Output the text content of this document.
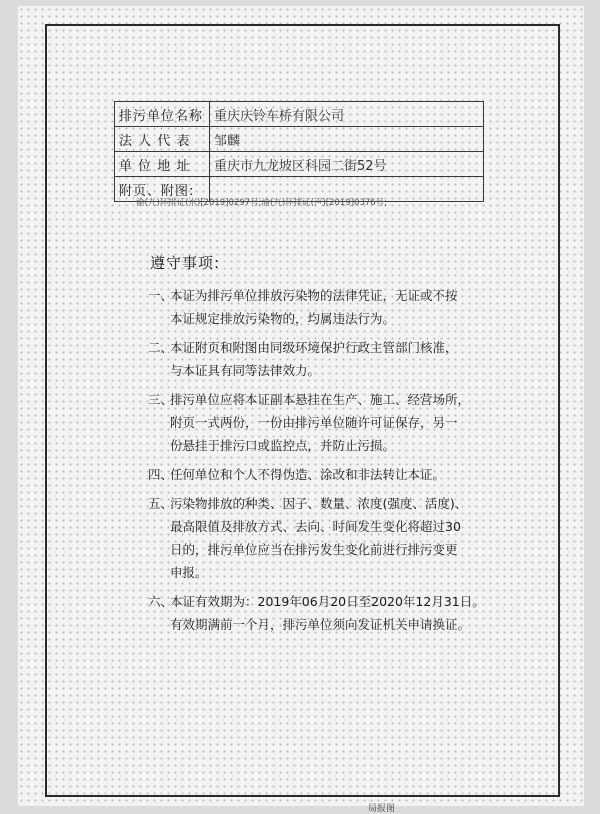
排污单位名称	重庆庆铃车桥有限公司
法 人 代 表	邹麟
单 位 地 址	重庆市九龙坡区科园二街52号
附页、附图:	
渝(九)环排证(水)[2019]0297号;渝(九)环排证(声)[2019]0376号;
遵守事项:
一、
本证为排污单位排放污染物的法律凭证，无证或不按
本证规定排放污染物的，均属违法行为。
二、
本证附页和附图由同级环境保护行政主管部门核准，
与本证具有同等法律效力。
三、
排污单位应将本证副本悬挂在生产、施工、经营场所，
附页一式两份，一份由排污单位随许可证保存，另一
份悬挂于排污口或监控点，并防止污损。
四、
任何单位和个人不得伪造、涂改和非法转让本证。
五、
污染物排放的种类、因子、数量、浓度(强度、活度)、
最高限值及排放方式、去向、时间发生变化将超过30
日的，排污单位应当在排污发生变化前进行排污变更
申报。
六、
本证有效期为：2019年06月20日至2020年12月31日。
有效期满前一个月，排污单位须向发证机关申请换证。
局报图
